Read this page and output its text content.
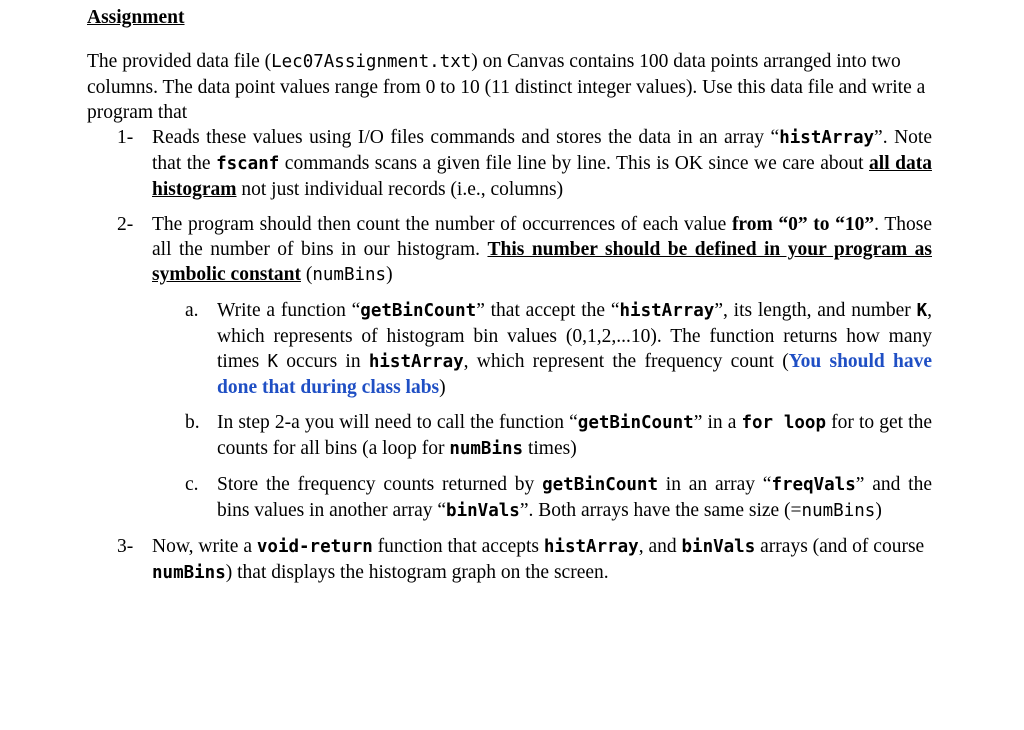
Assignment

The provided data file (Lec07Assignment.txt) on Canvas contains 100 data points arranged into two columns. The data point values range from 0 to 10 (11 distinct integer values). Use this data file and write a program that

1- Reads these values using I/O files commands and stores the data in an array “histArray”. Note that the fscanf commands scans a given file line by line. This is OK since we care about all data histogram not just individual records (i.e., columns)
2- The program should then count the number of occurrences of each value from “0” to “10”. Those all the number of bins in our histogram. This number should be defined in your program as symbolic constant (numBins)
a. Write a function “getBinCount” that accept the “histArray”, its length, and number K, which represents of histogram bin values (0,1,2,...10). The function returns how many times K occurs in histArray, which represent the frequency count (You should have done that during class labs)
b. In step 2-a you will need to call the function “getBinCount” in a for loop for to get the counts for all bins (a loop for numBins times)
c. Store the frequency counts returned by getBinCount in an array “freqVals” and the bins values in another array “binVals”. Both arrays have the same size (=numBins)
3- Now, write a void-return function that accepts histArray, and binVals arrays (and of course numBins) that displays the histogram graph on the screen.
